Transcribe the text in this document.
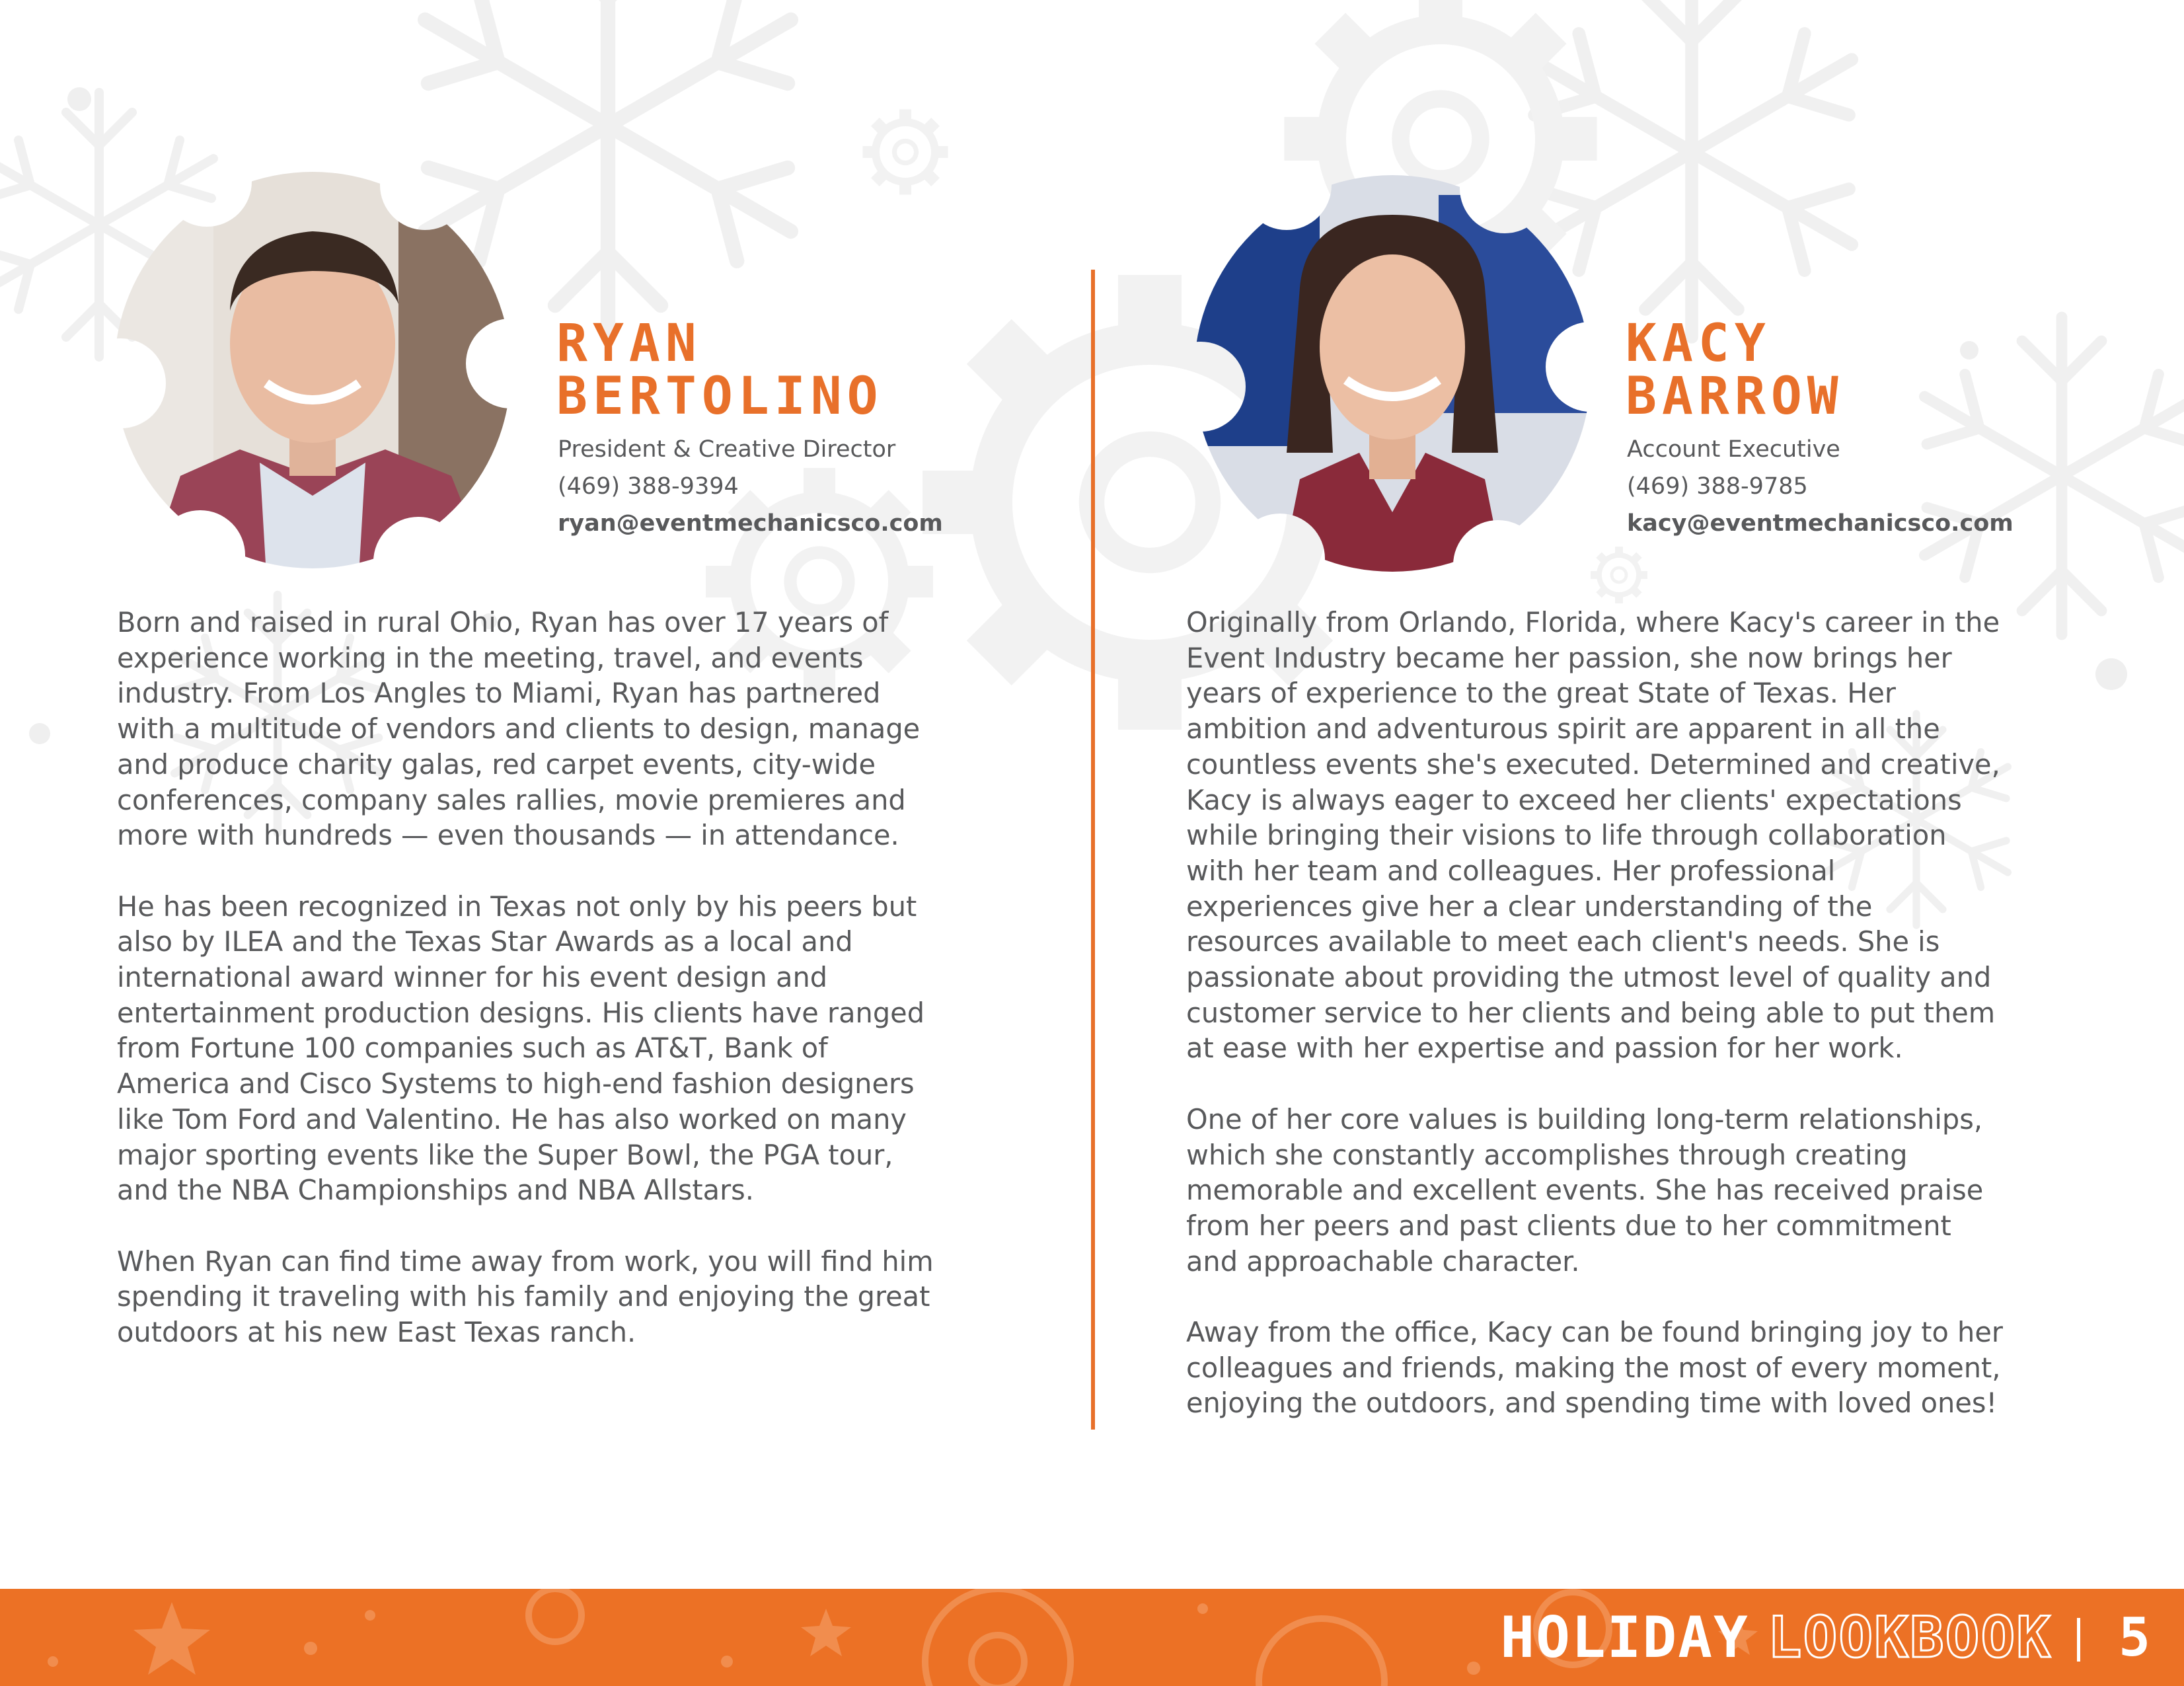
RYAN
BERTOLINO
President & Creative Director
(469) 388-9394
ryan@eventmechanicsco.com

Born and raised in rural Ohio, Ryan has over 17 years of
experience working in the meeting, travel, and events
industry. From Los Angles to Miami, Ryan has partnered
with a multitude of vendors and clients to design, manage
and produce charity galas, red carpet events, city-wide
conferences, company sales rallies, movie premieres and
more with hundreds — even thousands — in attendance.

He has been recognized in Texas not only by his peers but
also by ILEA and the Texas Star Awards as a local and
international award winner for his event design and
entertainment production designs. His clients have ranged
from Fortune 100 companies such as AT&T, Bank of
America and Cisco Systems to high-end fashion designers
like Tom Ford and Valentino. He has also worked on many
major sporting events like the Super Bowl, the PGA tour,
and the NBA Championships and NBA Allstars.

When Ryan can find time away from work, you will find him
spending it traveling with his family and enjoying the great
outdoors at his new East Texas ranch.

KACY
BARROW
Account Executive
(469) 388-9785
kacy@eventmechanicsco.com

Originally from Orlando, Florida, where Kacy's career in the
Event Industry became her passion, she now brings her
years of experience to the great State of Texas. Her
ambition and adventurous spirit are apparent in all the
countless events she's executed. Determined and creative,
Kacy is always eager to exceed her clients' expectations
while bringing their visions to life through collaboration
with her team and colleagues. Her professional
experiences give her a clear understanding of the
resources available to meet each client's needs. She is
passionate about providing the utmost level of quality and
customer service to her clients and being able to put them
at ease with her expertise and passion for her work.

One of her core values is building long-term relationships,
which she constantly accomplishes through creating
memorable and excellent events. She has received praise
from her peers and past clients due to her commitment
and approachable character.

Away from the office, Kacy can be found bringing joy to her
colleagues and friends, making the most of every moment,
enjoying the outdoors, and spending time with loved ones!

HOLIDAY LOOKBOOK 5
